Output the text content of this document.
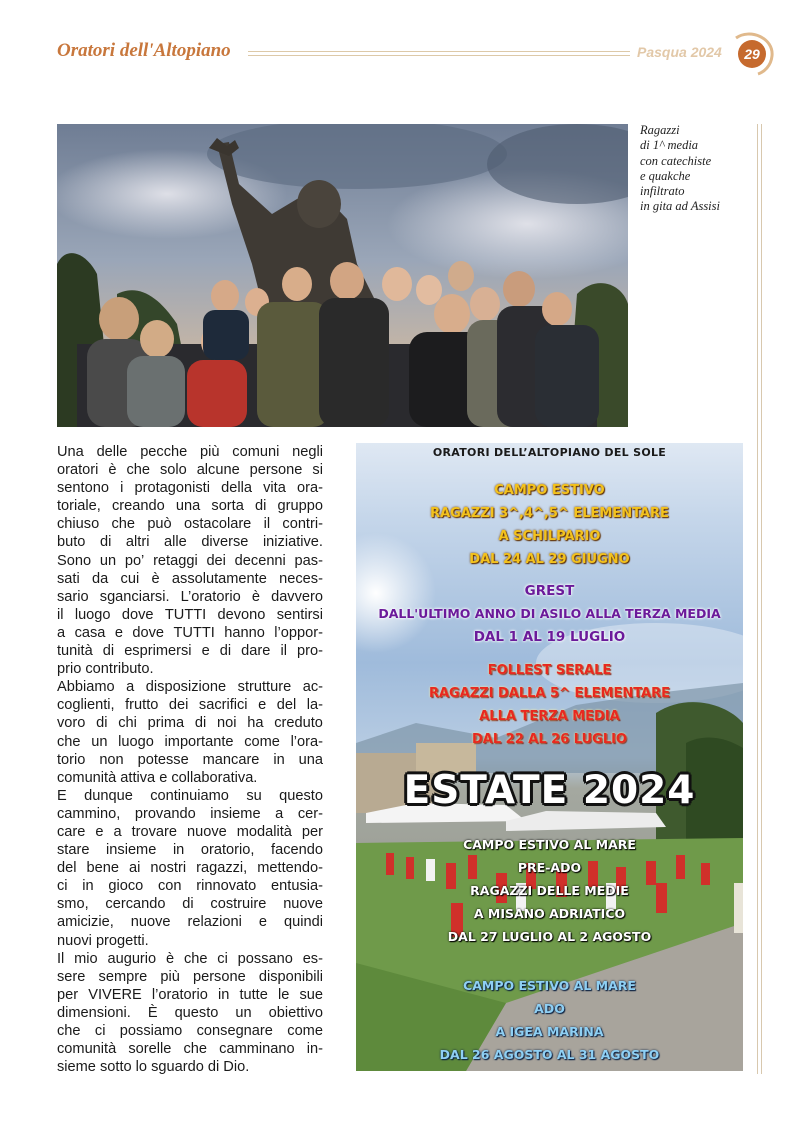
Oratori dell'Altopiano	Pasqua 2024	29
Ragazzi
di 1^ media
con catechiste
e quakche
infiltrato
in gita ad Assisi
Una delle pecche più comuni negli
oratori è che solo alcune persone si
sentono i protagonisti della vita ora-
toriale, creando una sorta di gruppo
chiuso che può ostacolare il contri-
buto di altri alle diverse iniziative.
Sono un po’ retaggi dei decenni pas-
sati da cui è assolutamente neces-
sario sganciarsi. L’oratorio è davvero
il luogo dove TUTTI devono sentirsi
a casa e dove TUTTI hanno l’oppor-
tunità di esprimersi e di dare il pro-
prio contributo.
Abbiamo a disposizione strutture ac-
coglienti, frutto dei sacrifici e del la-
voro di chi prima di noi ha creduto
che un luogo importante come l’ora-
torio non potesse mancare in una
comunità attiva e collaborativa.
E dunque continuiamo su questo
cammino, provando insieme a cer-
care e a trovare nuove modalità per
stare insieme in oratorio, facendo
del bene ai nostri ragazzi, mettendo-
ci in gioco con rinnovato entusia-
smo, cercando di costruire nuove
amicizie, nuove relazioni e quindi
nuovi progetti.
Il mio augurio è che ci possano es-
sere sempre più persone disponibili
per VIVERE l’oratorio in tutte le sue
dimensioni. È questo un obiettivo
che ci possiamo consegnare come
comunità sorelle che camminano in-
sieme sotto lo sguardo di Dio.
ORATORI DELL’ALTOPIANO DEL SOLE
CAMPO ESTIVO
RAGAZZI 3^,4^,5^ ELEMENTARE
A SCHILPARIO
DAL 24 AL 29 GIUGNO
GREST
DALL'ULTIMO ANNO DI ASILO ALLA TERZA MEDIA
DAL 1 AL 19 LUGLIO
FOLLEST SERALE
RAGAZZI DALLA 5^ ELEMENTARE
ALLA TERZA MEDIA
DAL 22 AL 26 LUGLIO
ESTATE 2024
CAMPO ESTIVO AL MARE
PRE-ADO
RAGAZZI DELLE MEDIE
A MISANO ADRIATICO
DAL 27 LUGLIO AL 2 AGOSTO
CAMPO ESTIVO AL MARE
ADO
A IGEA MARINA
DAL 26 AGOSTO AL 31 AGOSTO
